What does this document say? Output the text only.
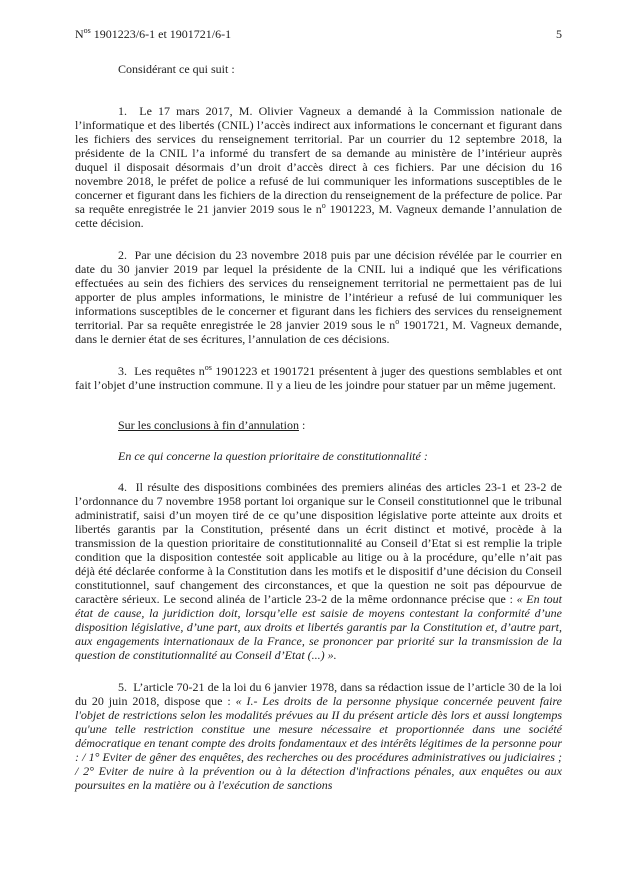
$N^{os}$ 1901223/6-1 et 1901721/6-1	5
Considérant ce qui suit :

1.  Le 17 mars 2017, M. Olivier Vagneux a demandé à la Commission nationale de l’informatique et des libertés (CNIL) l’accès indirect aux informations le concernant et figurant dans les fichiers des services du renseignement territorial. Par un courrier du 12 septembre 2018, la présidente de la CNIL l’a informé du transfert de sa demande au ministère de l’intérieur auprès duquel il disposait désormais d’un droit d’accès direct à ces fichiers. Par une décision du 16 novembre 2018, le préfet de police a refusé de lui communiquer les informations susceptibles de le concerner et figurant dans les fichiers de la direction du renseignement de la préfecture de police. Par sa requête enregistrée le 21 janvier 2019 sous le $n^o$ 1901223, M. Vagneux demande l’annulation de cette décision.

2.  Par une décision du 23 novembre 2018 puis par une décision révélée par le courrier en date du 30 janvier 2019 par lequel la présidente de la CNIL lui a indiqué que les vérifications effectuées au sein des fichiers des services du renseignement territorial ne permettaient pas de lui apporter de plus amples informations, le ministre de l’intérieur a refusé de lui communiquer les informations susceptibles de le concerner et figurant dans les fichiers des services du renseignement territorial. Par sa requête enregistrée le 28 janvier 2019 sous le $n^o$ 1901721, M. Vagneux demande, dans le dernier état de ses écritures, l’annulation de ces décisions.

3.  Les requêtes $n^{os}$ 1901223 et 1901721 présentent à juger des questions semblables et ont fait l’objet d’une instruction commune. Il y a lieu de les joindre pour statuer par un même jugement.

Sur les conclusions à fin d’annulation :
En ce qui concerne la question prioritaire de constitutionnalité :

4.  Il résulte des dispositions combinées des premiers alinéas des articles 23-1 et 23-2 de l’ordonnance du 7 novembre 1958 portant loi organique sur le Conseil constitutionnel que le tribunal administratif, saisi d’un moyen tiré de ce qu’une disposition législative porte atteinte aux droits et libertés garantis par la Constitution, présenté dans un écrit distinct et motivé, procède à la transmission de la question prioritaire de constitutionnalité au Conseil d’Etat si est remplie la triple condition que la disposition contestée soit applicable au litige ou à la procédure, qu’elle n’ait pas déjà été déclarée conforme à la Constitution dans les motifs et le dispositif d’une décision du Conseil constitutionnel, sauf changement des circonstances, et que la question ne soit pas dépourvue de caractère sérieux. Le second alinéa de l’article 23-2 de la même ordonnance précise que : « En tout état de cause, la juridiction doit, lorsqu’elle est saisie de moyens contestant la conformité d’une disposition législative, d’une part, aux droits et libertés garantis par la Constitution et, d’autre part, aux engagements internationaux de la France, se prononcer par priorité sur la transmission de la question de constitutionnalité au Conseil d’Etat (...) ».

5.  L’article 70-21 de la loi du 6 janvier 1978, dans sa rédaction issue de l’article 30 de la loi du 20 juin 2018, dispose que : « I.- Les droits de la personne physique concernée peuvent faire l'objet de restrictions selon les modalités prévues au II du présent article dès lors et aussi longtemps qu'une telle restriction constitue une mesure nécessaire et proportionnée dans une société démocratique en tenant compte des droits fondamentaux et des intérêts légitimes de la personne pour : / 1° Eviter de gêner des enquêtes, des recherches ou des procédures administratives ou judiciaires ; / 2° Eviter de nuire à la prévention ou à la détection d'infractions pénales, aux enquêtes ou aux poursuites en la matière ou à l'exécution de sanctions
